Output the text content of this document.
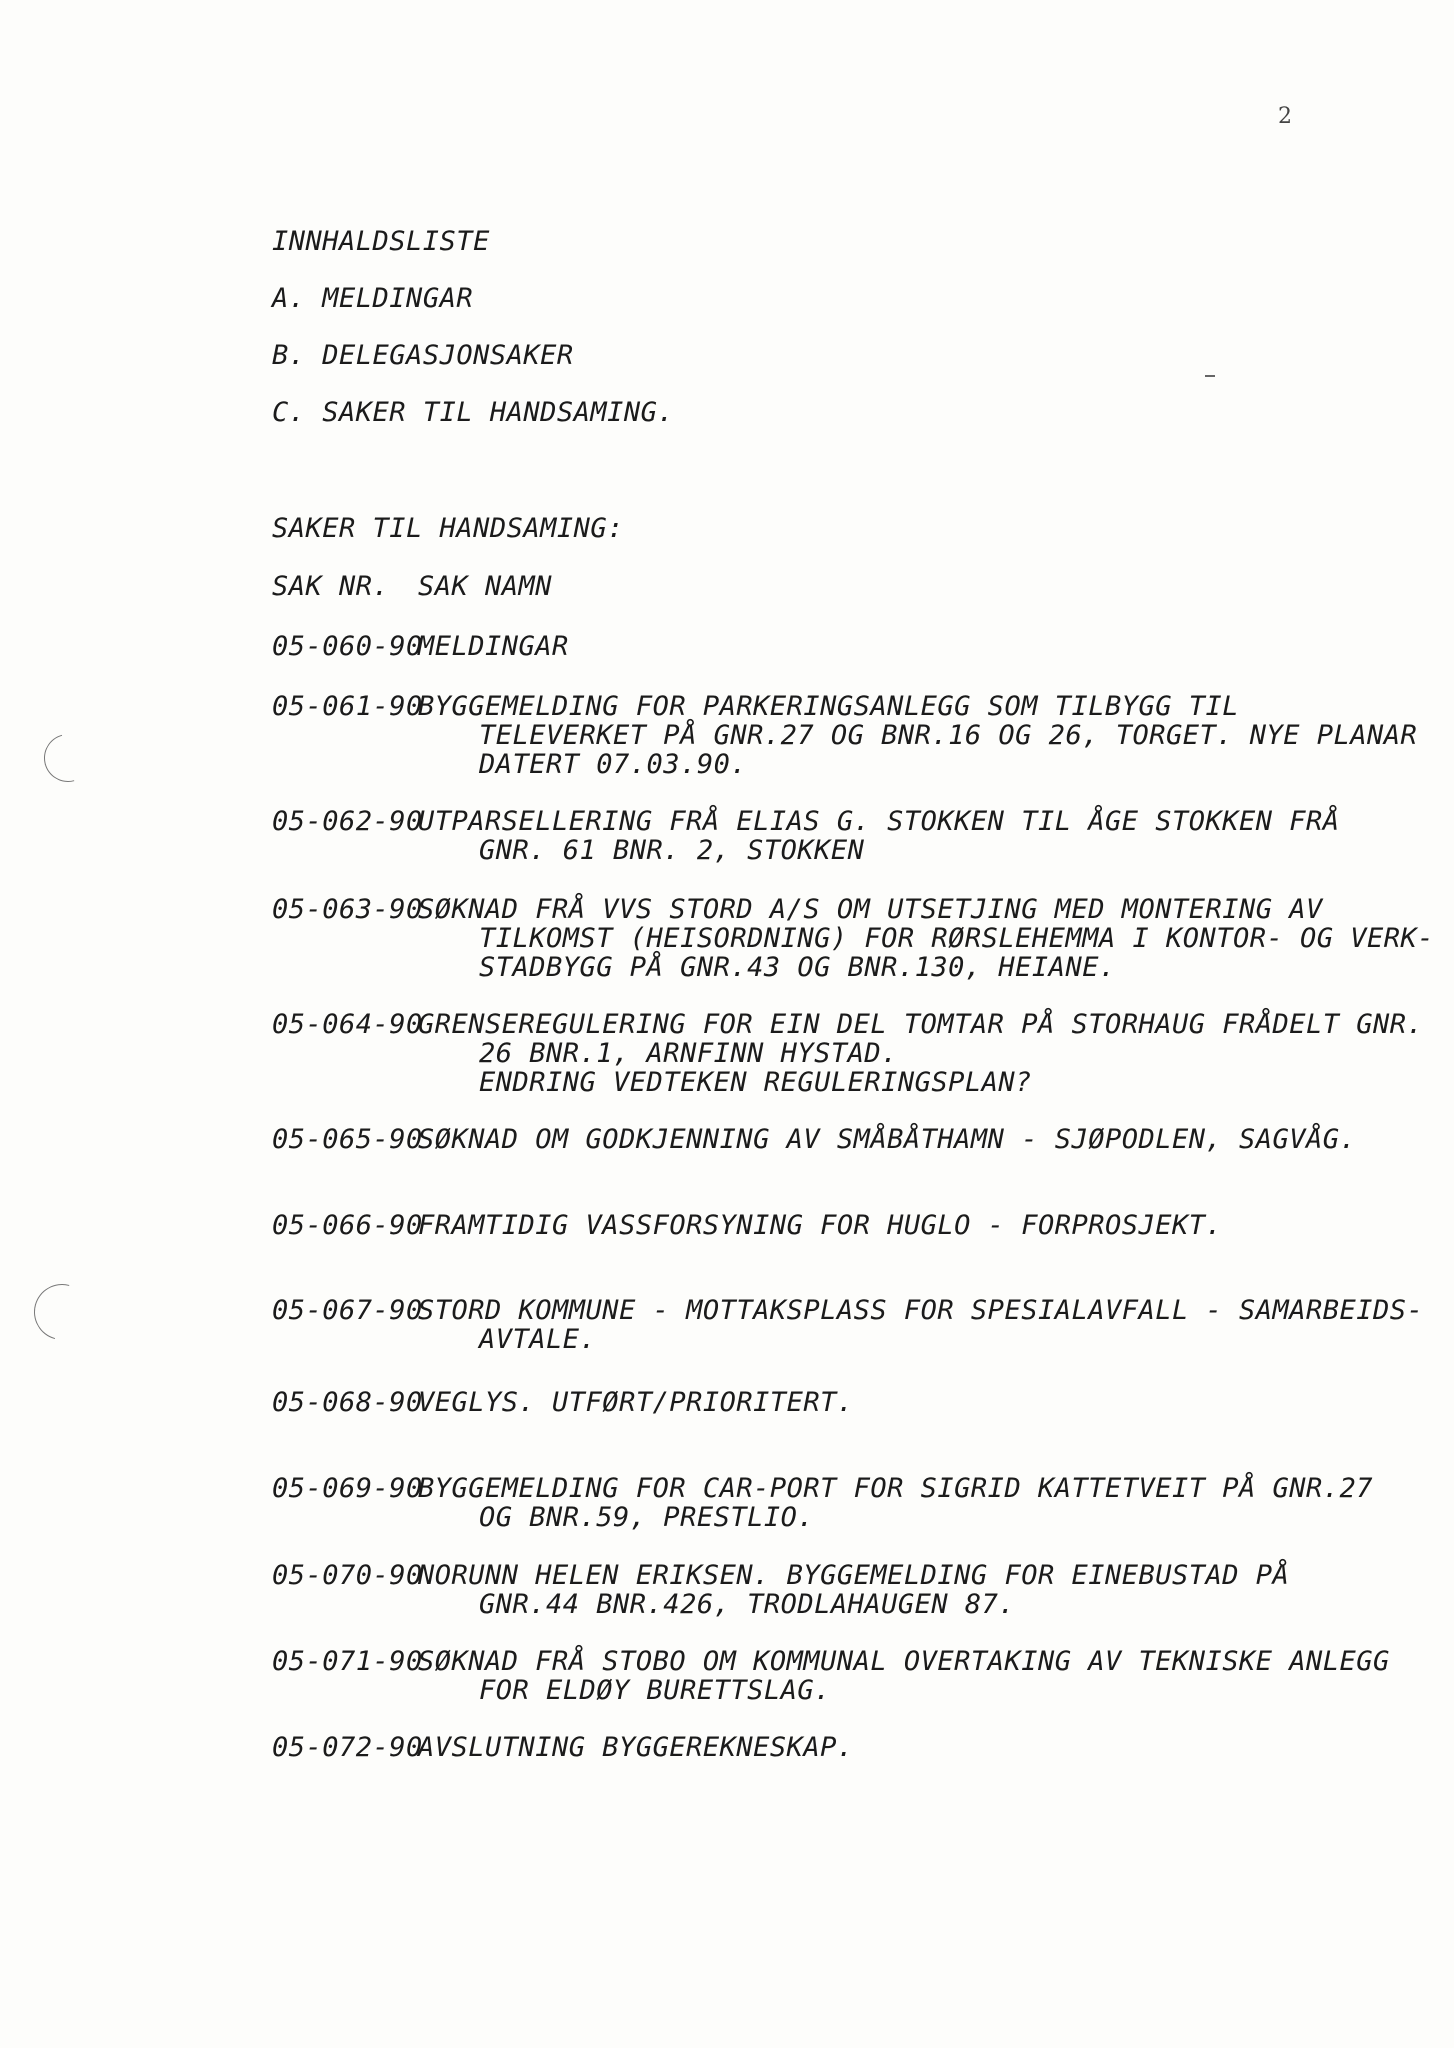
2
INNHALDSLISTE
A. MELDINGAR
B. DELEGASJONSAKER
C. SAKER TIL HANDSAMING.
SAKER TIL HANDSAMING:
SAK NR. SAK NAMN
05-060-90
MELDINGAR
05-061-90
BYGGEMELDING FOR PARKERINGSANLEGG SOM TILBYGG TIL
TELEVERKET PÅ GNR.27 OG BNR.16 OG 26, TORGET. NYE PLANAR
DATERT 07.03.90.
05-062-90
UTPARSELLERING FRÅ ELIAS G. STOKKEN TIL ÅGE STOKKEN FRÅ
GNR. 61 BNR. 2, STOKKEN
05-063-90
SØKNAD FRÅ VVS STORD A/S OM UTSETJING MED MONTERING AV
TILKOMST (HEISORDNING) FOR RØRSLEHEMMA I KONTOR- OG VERK-
STADBYGG PÅ GNR.43 OG BNR.130, HEIANE.
05-064-90
GRENSEREGULERING FOR EIN DEL TOMTAR PÅ STORHAUG FRÅDELT GNR.
26 BNR.1, ARNFINN HYSTAD.
ENDRING VEDTEKEN REGULERINGSPLAN?
05-065-90
SØKNAD OM GODKJENNING AV SMÅBÅTHAMN - SJØPODLEN, SAGVÅG.
05-066-90
FRAMTIDIG VASSFORSYNING FOR HUGLO - FORPROSJEKT.
05-067-90
STORD KOMMUNE - MOTTAKSPLASS FOR SPESIALAVFALL - SAMARBEIDS-
AVTALE.
05-068-90
VEGLYS. UTFØRT/PRIORITERT.
05-069-90
BYGGEMELDING FOR CAR-PORT FOR SIGRID KATTETVEIT PÅ GNR.27
OG BNR.59, PRESTLIO.
05-070-90
NORUNN HELEN ERIKSEN. BYGGEMELDING FOR EINEBUSTAD PÅ
GNR.44 BNR.426, TRODLAHAUGEN 87.
05-071-90
SØKNAD FRÅ STOBO OM KOMMUNAL OVERTAKING AV TEKNISKE ANLEGG
FOR ELDØY BURETTSLAG.
05-072-90
AVSLUTNING BYGGEREKNESKAP.
